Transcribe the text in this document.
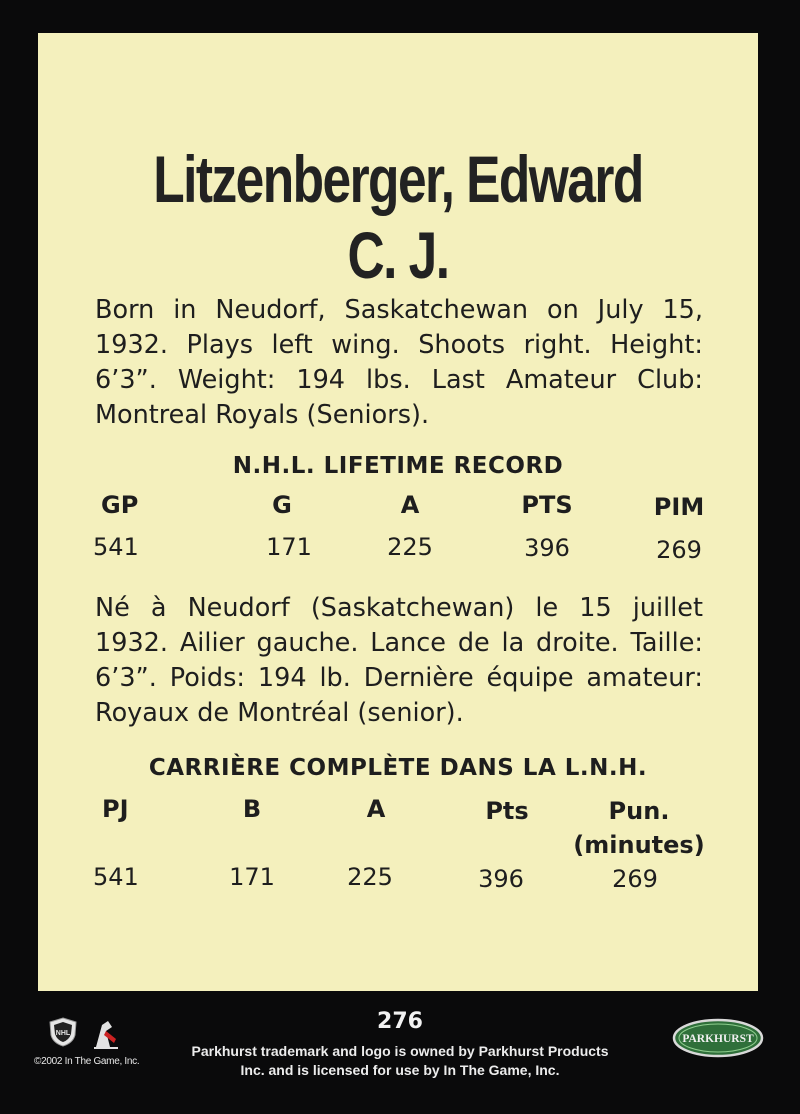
Litzenberger, Edward
C. J.

Born in Neudorf, Saskatchewan on July 15, 1932. Plays left wing. Shoots right. Height: 6’3”. Weight: 194 lbs. Last Amateur Club: Montreal Royals (Seniors).

N.H.L. LIFETIME RECORD

GP	G	A	PTS	PIM
541	171	225	396	269

Né à Neudorf (Saskatchewan) le 15 juillet 1932. Ailier gauche. Lance de la droite. Taille: 6’3”. Poids: 194 lb. Dernière équipe amateur: Royaux de Montréal (senior).

CARRIÈRE COMPLÈTE DANS LA L.N.H.

PJ	B	A	Pts	Pun.
(minutes)
541	171	225	396	269
NHL
©2002 In The Game, Inc.
276
Parkhurst trademark and logo is owned by Parkhurst Products
Inc. and is licensed for use by In The Game, Inc.
PARKHURST
